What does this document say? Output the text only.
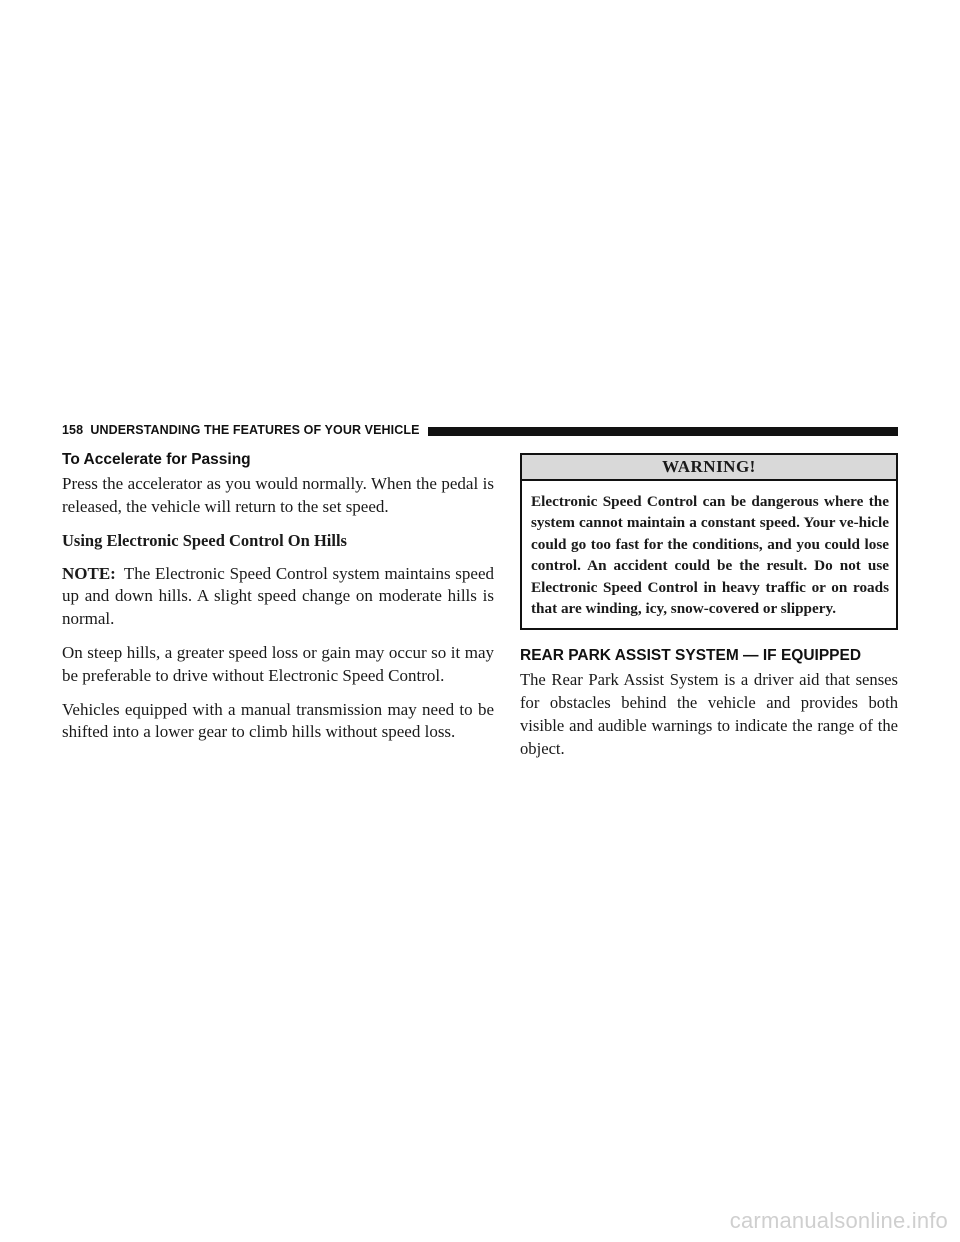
158 UNDERSTANDING THE FEATURES OF YOUR VEHICLE
To Accelerate for Passing

Press the accelerator as you would normally. When the pedal is released, the vehicle will return to the set speed.

Using Electronic Speed Control On Hills

NOTE: The Electronic Speed Control system maintains speed up and down hills. A slight speed change on moderate hills is normal.

On steep hills, a greater speed loss or gain may occur so it may be preferable to drive without Electronic Speed Control.

Vehicles equipped with a manual transmission may need to be shifted into a lower gear to climb hills without speed loss.

WARNING!
Electronic Speed Control can be dangerous where the system cannot maintain a constant speed. Your ve-hicle could go too fast for the conditions, and you could lose control. An accident could be the result. Do not use Electronic Speed Control in heavy traffic or on roads that are winding, icy, snow-covered or slippery.
REAR PARK ASSIST SYSTEM — IF EQUIPPED

The Rear Park Assist System is a driver aid that senses for obstacles behind the vehicle and provides both visible and audible warnings to indicate the range of the object.

carmanualsonline.info
